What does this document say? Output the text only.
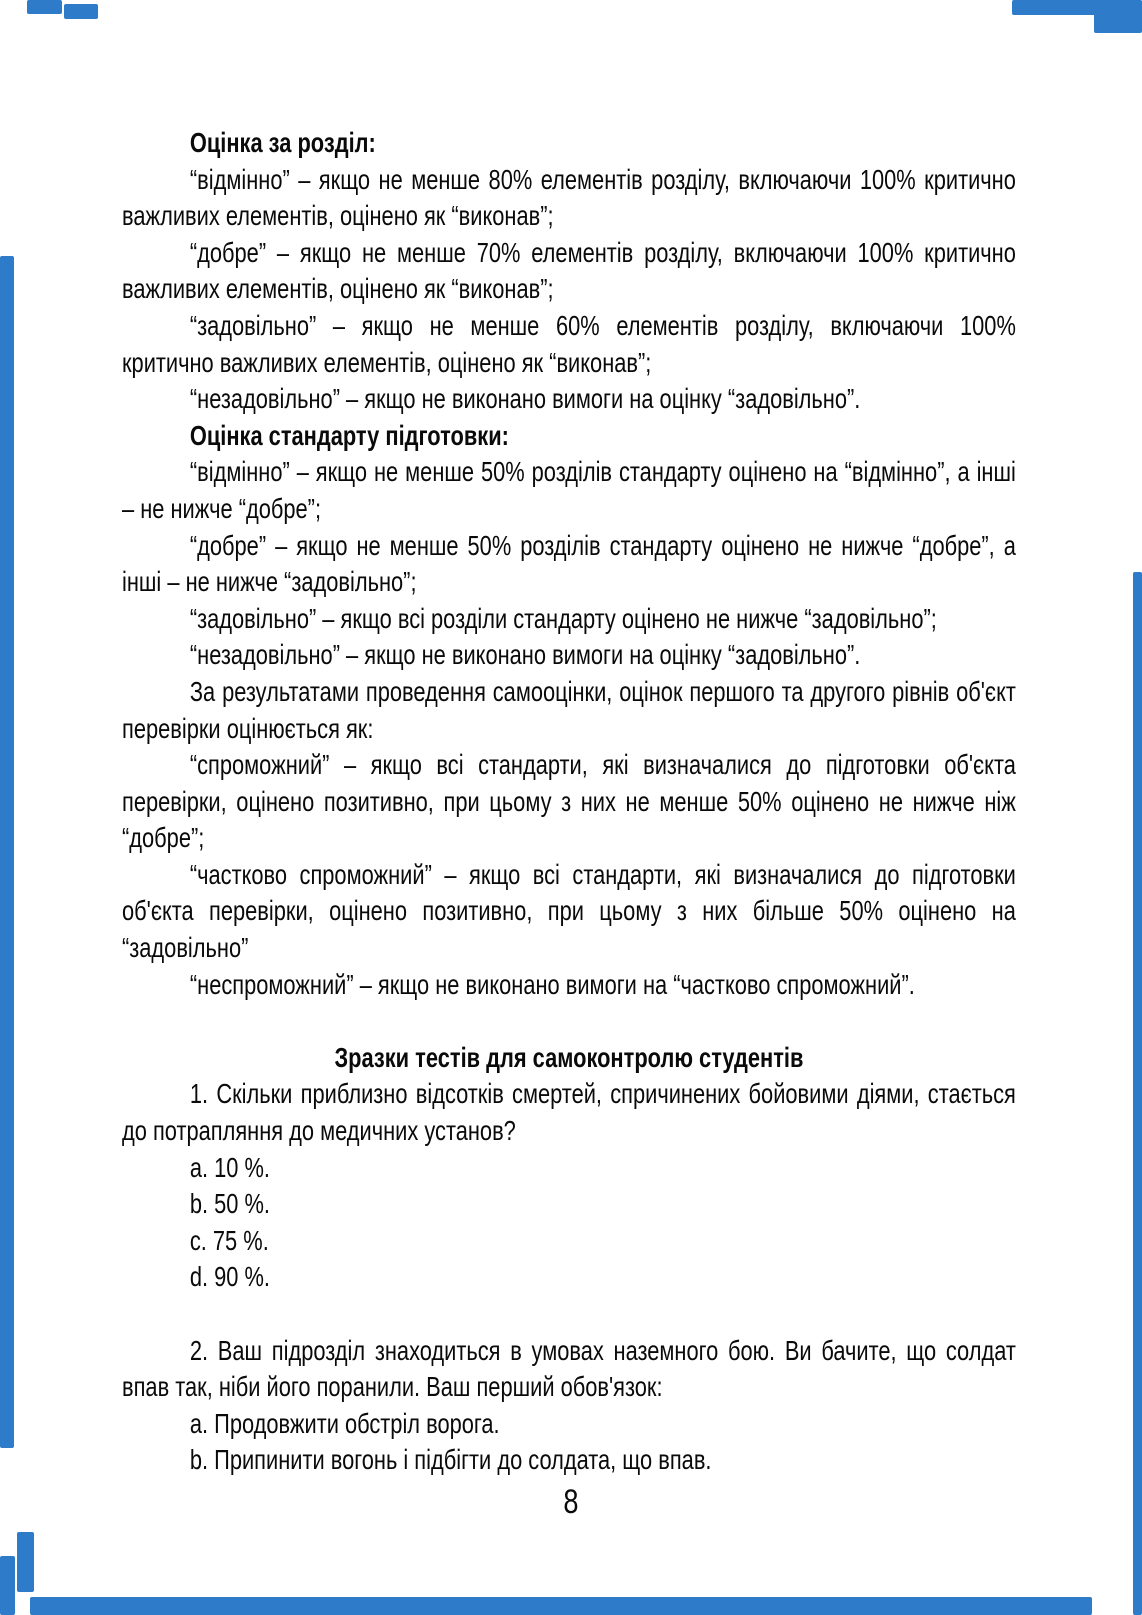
Оцінка за розділ:

“відмінно” – якщо не менше 80% елементів розділу, включаючи 100% критично важливих елементів, оцінено як “виконав”;

“добре” – якщо не менше 70% елементів розділу, включаючи 100% критично важливих елементів, оцінено як “виконав”;

“задовільно” – якщо не менше 60% елементів розділу, включаючи 100% критично важливих елементів, оцінено як “виконав”;

“незадовільно” – якщо не виконано вимоги на оцінку “задовільно”.

Оцінка стандарту підготовки:

“відмінно” – якщо не менше 50% розділів стандарту оцінено на “відмінно”, а інші – не нижче “добре”;

“добре” – якщо не менше 50% розділів стандарту оцінено не нижче “добре”, а інші – не нижче “задовільно”;

“задовільно” – якщо всі розділи стандарту оцінено не нижче “задовільно”;

“незадовільно” – якщо не виконано вимоги на оцінку “задовільно”.

За результатами проведення самооцінки, оцінок першого та другого рівнів об'єкт перевірки оцінюється як:

“спроможний” – якщо всі стандарти, які визначалися до підготовки об'єкта перевірки, оцінено позитивно, при цьому з них не менше 50% оцінено не нижче ніж “добре”;

“частково спроможний” – якщо всі стандарти, які визначалися до підготовки об'єкта перевірки, оцінено позитивно, при цьому з них більше 50% оцінено на “задовільно”

“неспроможний” – якщо не виконано вимоги на “частково спроможний”.

Зразки тестів для самоконтролю студентів

1. Скільки приблизно відсотків смертей, спричинених бойовими діями, стається до потрапляння до медичних установ?

a. 10 %.

b. 50 %.

c. 75 %.

d. 90 %.

2. Ваш підрозділ знаходиться в умовах наземного бою. Ви бачите, що солдат впав так, ніби його поранили. Ваш перший обов'язок:

a. Продовжити обстріл ворога.

b. Припинити вогонь і підбігти до солдата, що впав.

8
